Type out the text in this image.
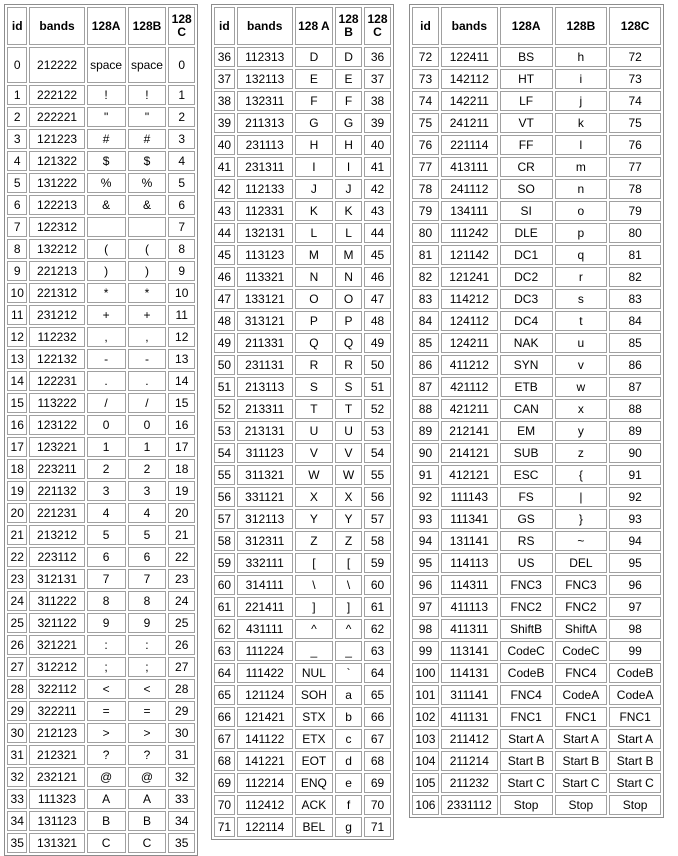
id	bands	128A	128B	128 C
0	212222	space	space	0
1	222122	!	!	1
2	222221	"	"	2
3	121223	#	#	3
4	121322	$	$	4
5	131222	%	%	5
6	122213	&	&	6
7	122312			7
8	132212	(	(	8
9	221213	)	)	9
10	221312	*	*	10
11	231212	+	+	11
12	112232	,	,	12
13	122132	-	-	13
14	122231	.	.	14
15	113222	/	/	15
16	123122	0	0	16
17	123221	1	1	17
18	223211	2	2	18
19	221132	3	3	19
20	221231	4	4	20
21	213212	5	5	21
22	223112	6	6	22
23	312131	7	7	23
24	311222	8	8	24
25	321122	9	9	25
26	321221	:	:	26
27	312212	;	;	27
28	322112	<	<	28
29	322211	=	=	29
30	212123	>	>	30
31	212321	?	?	31
32	232121	@	@	32
33	111323	A	A	33
34	131123	B	B	34
35	131321	C	C	35
id	bands	128 A	128 B	128 C
36	112313	D	D	36
37	132113	E	E	37
38	132311	F	F	38
39	211313	G	G	39
40	231113	H	H	40
41	231311	I	I	41
42	112133	J	J	42
43	112331	K	K	43
44	132131	L	L	44
45	113123	M	M	45
46	113321	N	N	46
47	133121	O	O	47
48	313121	P	P	48
49	211331	Q	Q	49
50	231131	R	R	50
51	213113	S	S	51
52	213311	T	T	52
53	213131	U	U	53
54	311123	V	V	54
55	311321	W	W	55
56	331121	X	X	56
57	312113	Y	Y	57
58	312311	Z	Z	58
59	332111	[	[	59
60	314111	\	\	60
61	221411	]	]	61
62	431111	^	^	62
63	111224	_	_	63
64	111422	NUL	`	64
65	121124	SOH	a	65
66	121421	STX	b	66
67	141122	ETX	c	67
68	141221	EOT	d	68
69	112214	ENQ	e	69
70	112412	ACK	f	70
71	122114	BEL	g	71
id	bands	128A	128B	128C
72	122411	BS	h	72
73	142112	HT	i	73
74	142211	LF	j	74
75	241211	VT	k	75
76	221114	FF	l	76
77	413111	CR	m	77
78	241112	SO	n	78
79	134111	SI	o	79
80	111242	DLE	p	80
81	121142	DC1	q	81
82	121241	DC2	r	82
83	114212	DC3	s	83
84	124112	DC4	t	84
85	124211	NAK	u	85
86	411212	SYN	v	86
87	421112	ETB	w	87
88	421211	CAN	x	88
89	212141	EM	y	89
90	214121	SUB	z	90
91	412121	ESC	{	91
92	111143	FS	|	92
93	111341	GS	}	93
94	131141	RS	~	94
95	114113	US	DEL	95
96	114311	FNC3	FNC3	96
97	411113	FNC2	FNC2	97
98	411311	ShiftB	ShiftA	98
99	113141	CodeC	CodeC	99
100	114131	CodeB	FNC4	CodeB
101	311141	FNC4	CodeA	CodeA
102	411131	FNC1	FNC1	FNC1
103	211412	Start A	Start A	Start A
104	211214	Start B	Start B	Start B
105	211232	Start C	Start C	Start C
106	2331112	Stop	Stop	Stop
